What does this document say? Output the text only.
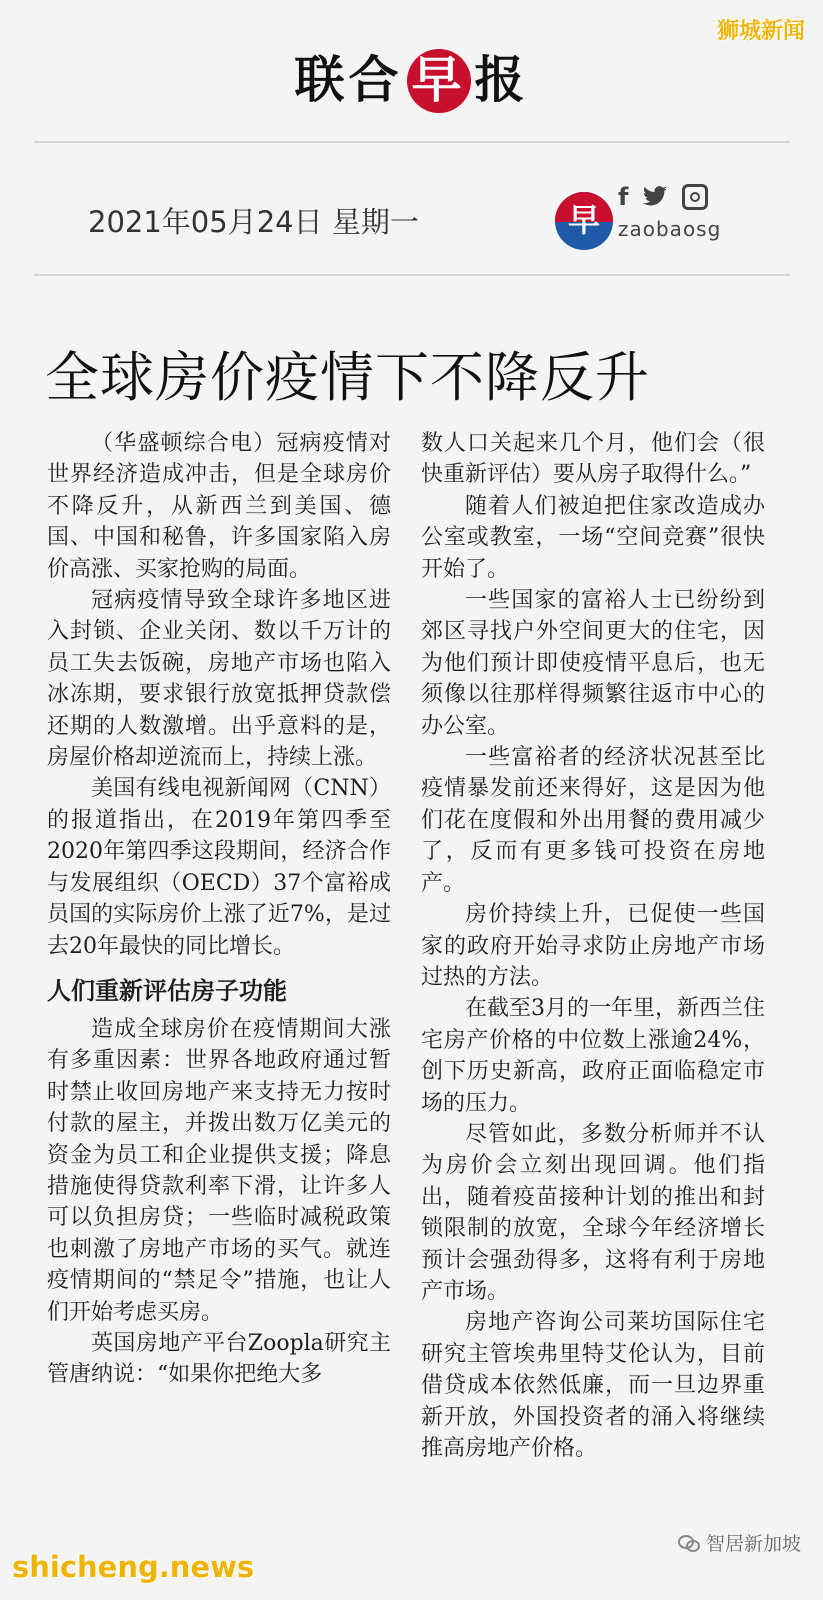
狮城新闻
联合 早 报
2021年05月24日 星期一	早
f
zaobaosg
全球房价疫情下不降反升

（华盛顿综合电）冠病疫情对世界经济造成冲击，但是全球房价不降反升，从新西兰到美国、德国、中国和秘鲁，许多国家陷入房价高涨、买家抢购的局面。

冠病疫情导致全球许多地区进入封锁、企业关闭、数以千万计的员工失去饭碗，房地产市场也陷入冰冻期，要求银行放宽抵押贷款偿还期的人数激增。出乎意料的是，房屋价格却逆流而上，持续上涨。

美国有线电视新闻网（CNN）的报道指出，在2019年第四季至2020年第四季这段期间，经济合作与发展组织（OECD）37个富裕成员国的实际房价上涨了近7%，是过去20年最快的同比增长。

人们重新评估房子功能

造成全球房价在疫情期间大涨有多重因素：世界各地政府通过暂时禁止收回房地产来支持无力按时付款的屋主，并拨出数万亿美元的资金为员工和企业提供支援；降息措施使得贷款利率下滑，让许多人可以负担房贷；一些临时减税政策也刺激了房地产市场的买气。就连疫情期间的“禁足令”措施，也让人们开始考虑买房。

英国房地产平台Zoopla研究主管唐纳说：“如果你把绝大多

数人口关起来几个月，他们会（很快重新评估）要从房子取得什么。”

随着人们被迫把住家改造成办公室或教室，一场“空间竞赛”很快开始了。

一些国家的富裕人士已纷纷到郊区寻找户外空间更大的住宅，因为他们预计即使疫情平息后，也无须像以往那样得频繁往返市中心的办公室。

一些富裕者的经济状况甚至比疫情暴发前还来得好，这是因为他们花在度假和外出用餐的费用减少了，反而有更多钱可投资在房地产。

房价持续上升，已促使一些国家的政府开始寻求防止房地产市场过热的方法。

在截至3月的一年里，新西兰住宅房产价格的中位数上涨逾24%，创下历史新高，政府正面临稳定市场的压力。

尽管如此，多数分析师并不认为房价会立刻出现回调。他们指出，随着疫苗接种计划的推出和封锁限制的放宽，全球今年经济增长预计会强劲得多，这将有利于房地产市场。

房地产咨询公司莱坊国际住宅研究主管埃弗里特艾伦认为，目前借贷成本依然低廉，而一旦边界重新开放，外国投资者的涌入将继续推高房地产价格。

智居新加坡
shicheng.news
